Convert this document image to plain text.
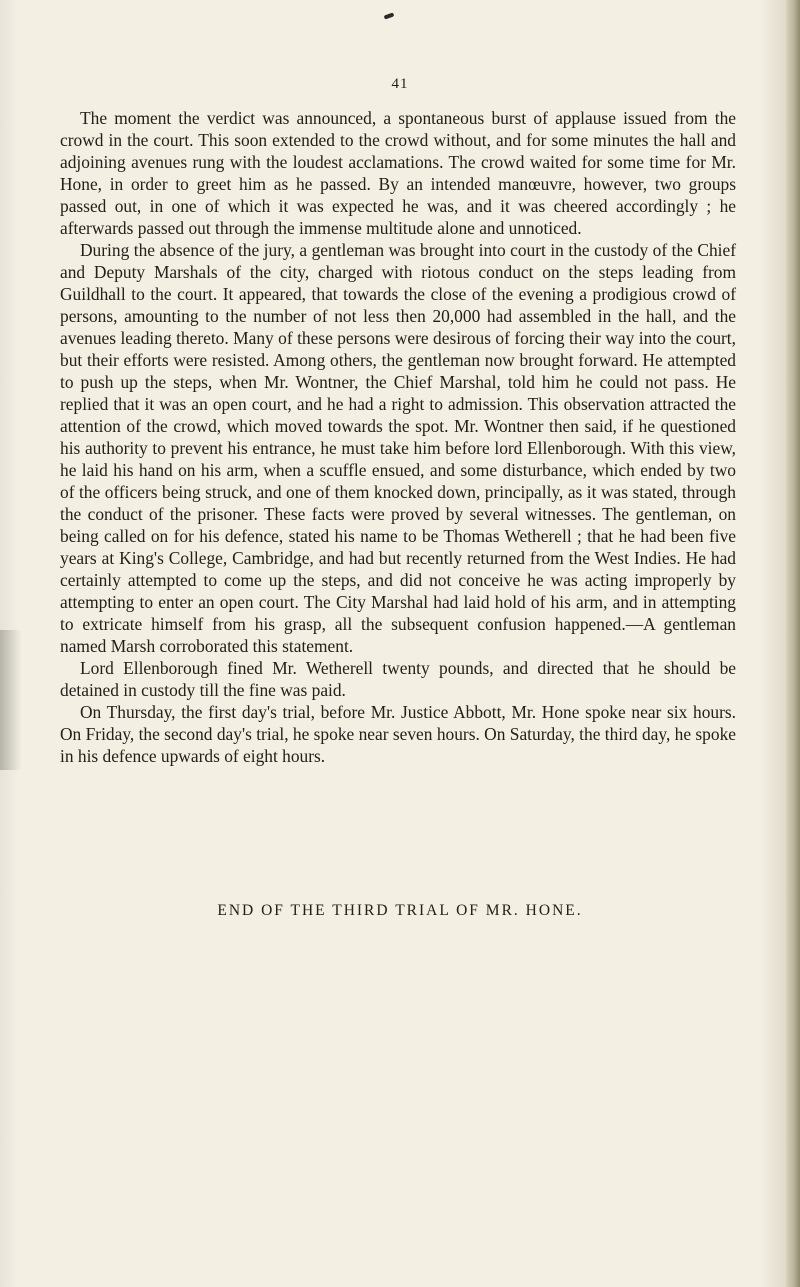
41

The moment the verdict was announced, a spontaneous burst of applause issued from the crowd in the court. This soon extended to the crowd without, and for some minutes the hall and adjoining avenues rung with the loudest acclamations. The crowd waited for some time for Mr. Hone, in order to greet him as he passed. By an intended manœuvre, however, two groups passed out, in one of which it was expected he was, and it was cheered accordingly ; he afterwards passed out through the immense multitude alone and unnoticed.

During the absence of the jury, a gentleman was brought into court in the custody of the Chief and Deputy Marshals of the city, charged with riotous conduct on the steps leading from Guildhall to the court. It appeared, that towards the close of the evening a prodigious crowd of persons, amounting to the number of not less then 20,000 had assembled in the hall, and the avenues leading thereto. Many of these persons were desirous of forcing their way into the court, but their efforts were resisted. Among others, the gentleman now brought forward. He attempted to push up the steps, when Mr. Wontner, the Chief Marshal, told him he could not pass. He replied that it was an open court, and he had a right to admission. This observation attracted the attention of the crowd, which moved towards the spot. Mr. Wontner then said, if he questioned his authority to prevent his entrance, he must take him before lord Ellenborough. With this view, he laid his hand on his arm, when a scuffle ensued, and some disturbance, which ended by two of the officers being struck, and one of them knocked down, principally, as it was stated, through the conduct of the prisoner. These facts were proved by several witnesses. The gentleman, on being called on for his defence, stated his name to be Thomas Wetherell ; that he had been five years at King's College, Cambridge, and had but recently returned from the West Indies. He had certainly attempted to come up the steps, and did not conceive he was acting improperly by attempting to enter an open court. The City Marshal had laid hold of his arm, and in attempting to extricate himself from his grasp, all the subsequent confusion happened.—A gentleman named Marsh corroborated this statement.

Lord Ellenborough fined Mr. Wetherell twenty pounds, and directed that he should be detained in custody till the fine was paid.

On Thursday, the first day's trial, before Mr. Justice Abbott, Mr. Hone spoke near six hours. On Friday, the second day's trial, he spoke near seven hours. On Saturday, the third day, he spoke in his defence upwards of eight hours.

END OF THE THIRD TRIAL OF MR. HONE.
